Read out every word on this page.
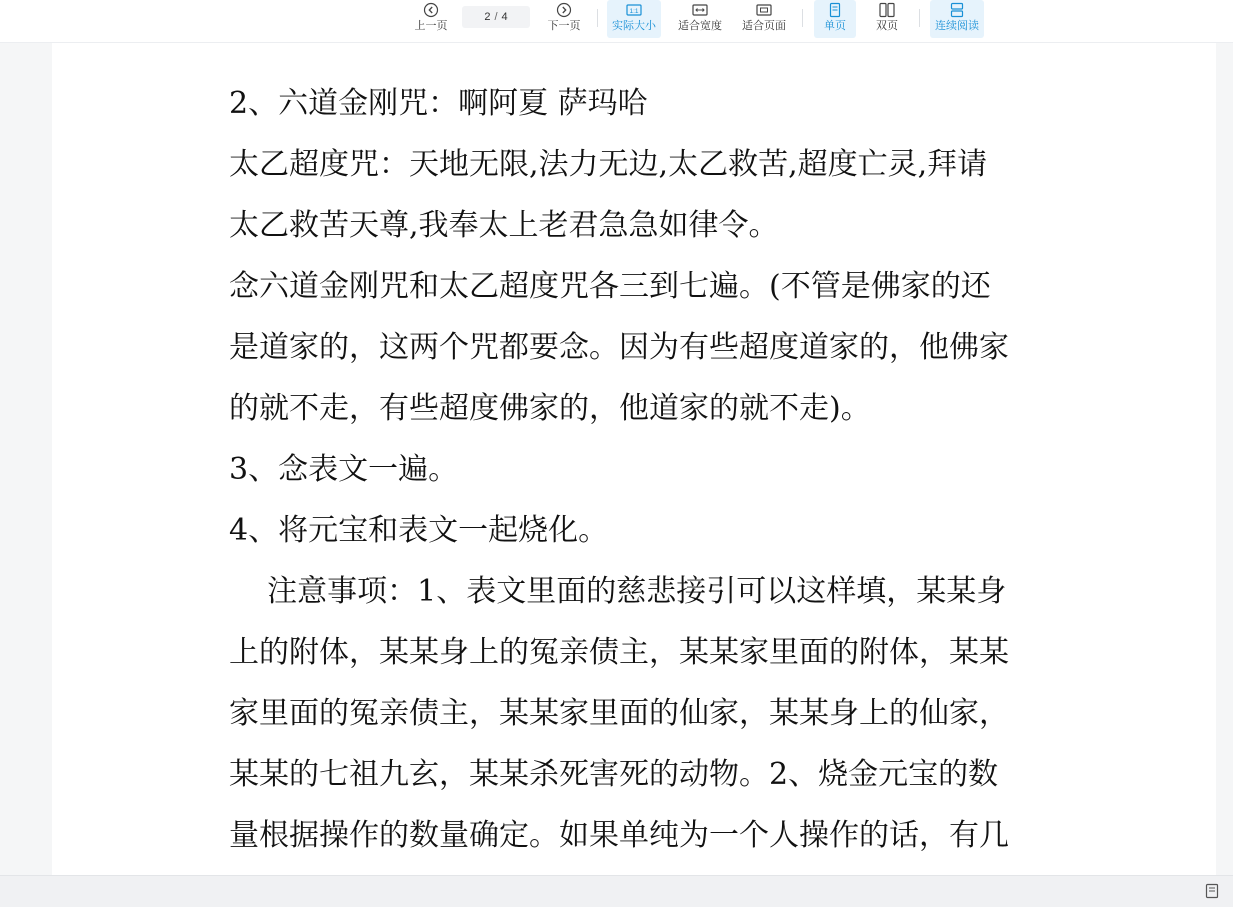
上一页
2 / 4
下一页
1:1
实际大小 适合宽度 适合页面	单页	双页	连续阅读
2、六道金刚咒：啊阿夏 萨玛哈
太乙超度咒：天地无限,法力无边,太乙救苦,超度亡灵,拜请
太乙救苦天尊,我奉太上老君急急如律令。
念六道金刚咒和太乙超度咒各三到七遍。(不管是佛家的还
是道家的，这两个咒都要念。因为有些超度道家的，他佛家
的就不走，有些超度佛家的，他道家的就不走)。
3、念表文一遍。
4、将元宝和表文一起烧化。
注意事项：1、表文里面的慈悲接引可以这样填，某某身
上的附体，某某身上的冤亲债主，某某家里面的附体，某某
家里面的冤亲债主，某某家里面的仙家，某某身上的仙家，
某某的七祖九玄，某某杀死害死的动物。2、烧金元宝的数
量根据操作的数量确定。如果单纯为一个人操作的话，有几
